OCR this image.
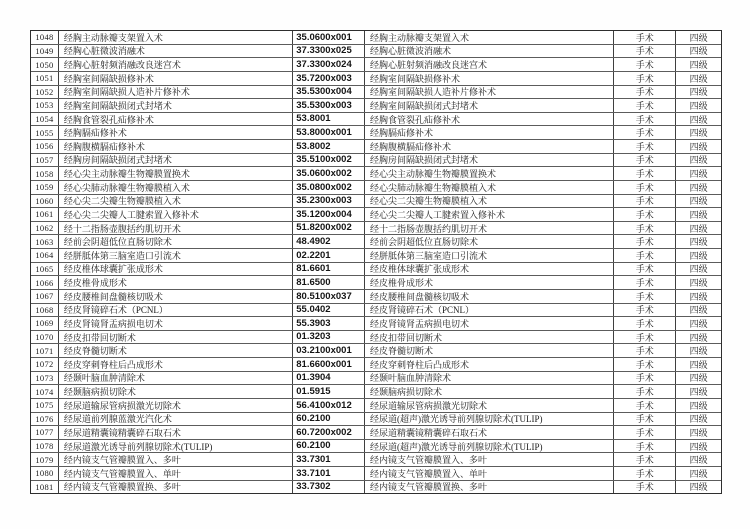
1048	经胸主动脉瓣支架置入术	35.0600x001	经胸主动脉瓣支架置入术	手术	四级
1049	经胸心脏微波消融术	37.3300x025	经胸心脏微波消融术	手术	四级
1050	经胸心脏射频消融改良迷宫术	37.3300x024	经胸心脏射频消融改良迷宫术	手术	四级
1051	经胸室间隔缺损修补术	35.7200x003	经胸室间隔缺损修补术	手术	四级
1052	经胸室间隔缺损人造补片修补术	35.5300x004	经胸室间隔缺损人造补片修补术	手术	四级
1053	经胸室间隔缺损闭式封堵术	35.5300x003	经胸室间隔缺损闭式封堵术	手术	四级
1054	经胸食管裂孔疝修补术	53.8001	经胸食管裂孔疝修补术	手术	四级
1055	经胸膈疝修补术	53.8000x001	经胸膈疝修补术	手术	四级
1056	经胸腹横膈疝修补术	53.8002	经胸腹横膈疝修补术	手术	四级
1057	经胸房间隔缺损闭式封堵术	35.5100x002	经胸房间隔缺损闭式封堵术	手术	四级
1058	经心尖主动脉瓣生物瓣膜置换术	35.0600x002	经心尖主动脉瓣生物瓣膜置换术	手术	四级
1059	经心尖肺动脉瓣生物瓣膜植入术	35.0800x002	经心尖肺动脉瓣生物瓣膜植入术	手术	四级
1060	经心尖二尖瓣生物瓣膜植入术	35.2300x003	经心尖二尖瓣生物瓣膜植入术	手术	四级
1061	经心尖二尖瓣人工腱索置入修补术	35.1200x004	经心尖二尖瓣人工腱索置入修补术	手术	四级
1062	经十二指肠壶腹括约肌切开术	51.8200x002	经十二指肠壶腹括约肌切开术	手术	四级
1063	经前会阴超低位直肠切除术	48.4902	经前会阴超低位直肠切除术	手术	四级
1064	经胼胝体第三脑室造口引流术	02.2201	经胼胝体第三脑室造口引流术	手术	四级
1065	经皮椎体球囊扩张成形术	81.6601	经皮椎体球囊扩张成形术	手术	四级
1066	经皮椎骨成形术	81.6500	经皮椎骨成形术	手术	四级
1067	经皮腰椎间盘髓核切吸术	80.5100x037	经皮腰椎间盘髓核切吸术	手术	四级
1068	经皮肾镜碎石术（PCNL）	55.0402	经皮肾镜碎石术（PCNL）	手术	四级
1069	经皮肾镜肾盂病损电切术	55.3903	经皮肾镜肾盂病损电切术	手术	四级
1070	经皮扣带回切断术	01.3203	经皮扣带回切断术	手术	四级
1071	经皮脊髓切断术	03.2100x001	经皮脊髓切断术	手术	四级
1072	经皮穿刺脊柱后凸成形术	81.6600x001	经皮穿刺脊柱后凸成形术	手术	四级
1073	经颞叶脑血肿清除术	01.3904	经颞叶脑血肿清除术	手术	四级
1074	经颞脑病损切除术	01.5915	经颞脑病损切除术	手术	四级
1075	经尿道输尿管病损激光切除术	56.4100x012	经尿道输尿管病损激光切除术	手术	四级
1076	经尿道前列腺蓝激光汽化术	60.2100	经尿道(超声)激光诱导前列腺切除术(TULIP)	手术	四级
1077	经尿道精囊镜精囊碎石取石术	60.7200x002	经尿道精囊镜精囊碎石取石术	手术	四级
1078	经尿道激光诱导前列腺切除术(TULIP)	60.2100	经尿道(超声)激光诱导前列腺切除术(TULIP)	手术	四级
1079	经内镜支气管瓣膜置入、多叶	33.7301	经内镜支气管瓣膜置入、多叶	手术	四级
1080	经内镜支气管瓣膜置入、单叶	33.7101	经内镜支气管瓣膜置入、单叶	手术	四级
1081	经内镜支气管瓣膜置换、多叶	33.7302	经内镜支气管瓣膜置换、多叶	手术	四级
